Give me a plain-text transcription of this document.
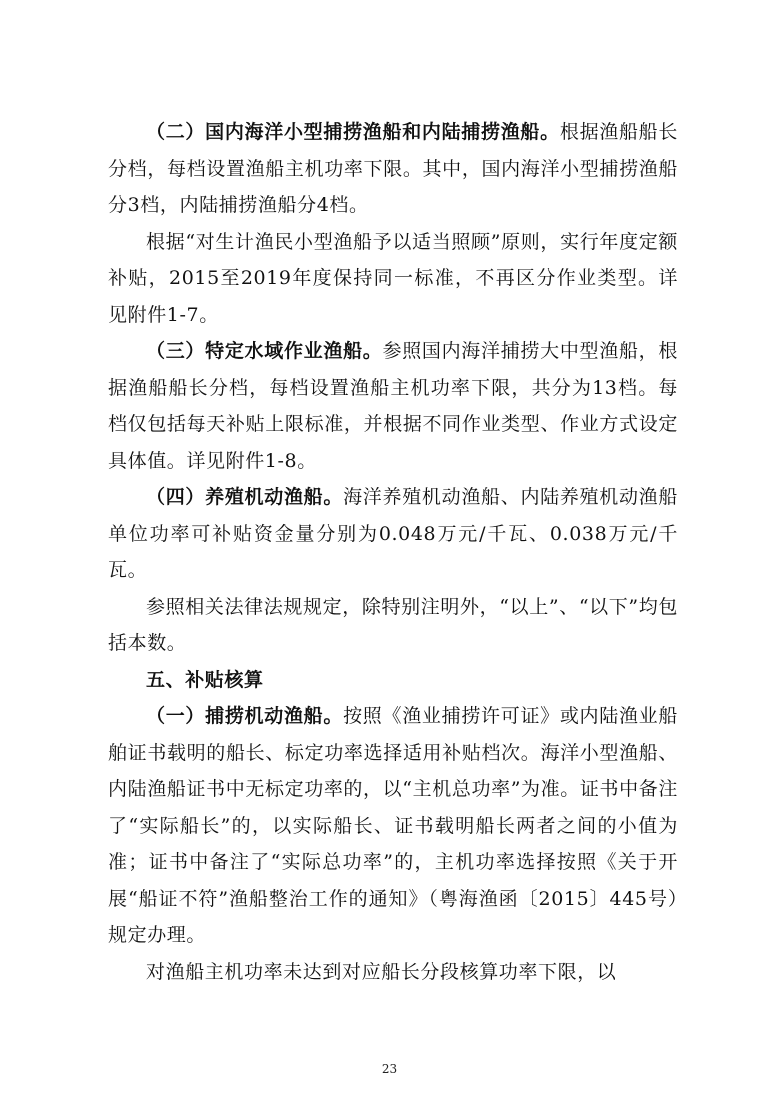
（二）国内海洋小型捕捞渔船和内陆捕捞渔船。根据渔船船长分档，每档设置渔船主机功率下限。其中，国内海洋小型捕捞渔船分3档，内陆捕捞渔船分4档。

根据“对生计渔民小型渔船予以适当照顾”原则，实行年度定额补贴，2015至2019年度保持同一标准，不再区分作业类型。详见附件1-7。

（三）特定水域作业渔船。参照国内海洋捕捞大中型渔船，根据渔船船长分档，每档设置渔船主机功率下限，共分为13档。每档仅包括每天补贴上限标准，并根据不同作业类型、作业方式设定具体值。详见附件1-8。

（四）养殖机动渔船。海洋养殖机动渔船、内陆养殖机动渔船单位功率可补贴资金量分别为0.048万元/千瓦、0.038万元/千瓦。

参照相关法律法规规定，除特别注明外，“以上”、“以下”均包括本数。

五、补贴核算

（一）捕捞机动渔船。按照《渔业捕捞许可证》或内陆渔业船舶证书载明的船长、标定功率选择适用补贴档次。海洋小型渔船、内陆渔船证书中无标定功率的，以“主机总功率”为准。证书中备注了“实际船长”的，以实际船长、证书载明船长两者之间的小值为准；证书中备注了“实际总功率”的，主机功率选择按照《关于开展“船证不符”渔船整治工作的通知》（粤海渔函〔2015〕445号）规定办理。

对渔船主机功率未达到对应船长分段核算功率下限，以

23
